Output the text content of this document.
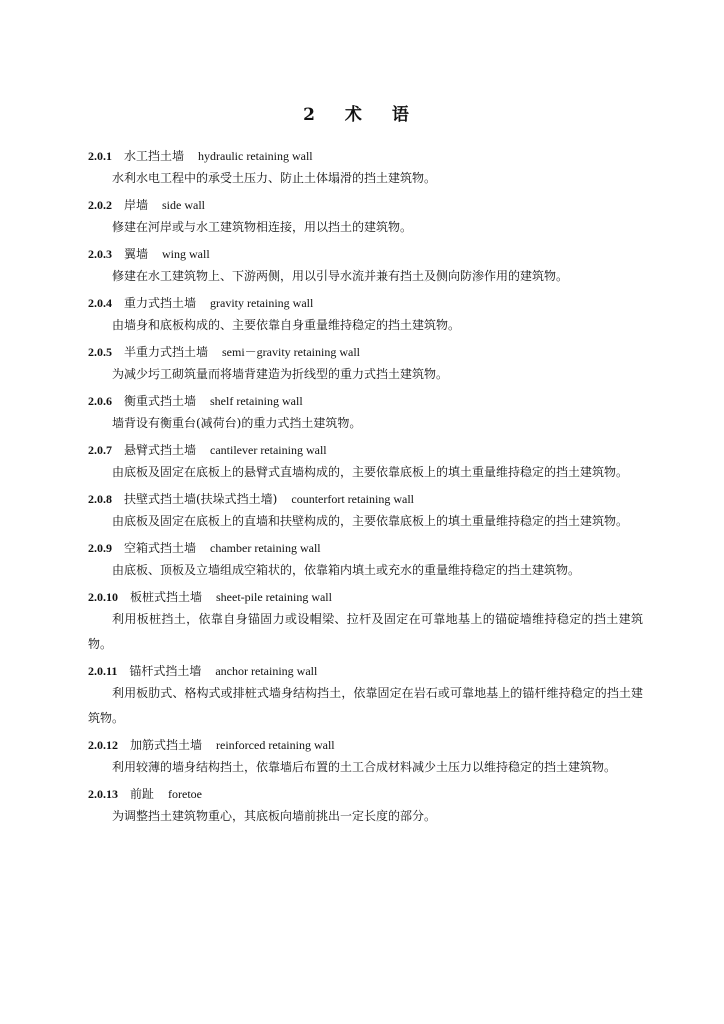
2 术 语

2.0.1 水工挡土墙 hydraulic retaining wall

水利水电工程中的承受土压力、防止土体塌滑的挡土建筑物。

2.0.2 岸墙 side wall

修建在河岸或与水工建筑物相连接，用以挡土的建筑物。

2.0.3 翼墙 wing wall

修建在水工建筑物上、下游两侧，用以引导水流并兼有挡土及侧向防渗作用的建筑物。

2.0.4 重力式挡土墙 gravity retaining wall

由墙身和底板构成的、主要依靠自身重量维持稳定的挡土建筑物。

2.0.5 半重力式挡土墙 semi－gravity retaining wall

为减少圬工砌筑量而将墙背建造为折线型的重力式挡土建筑物。

2.0.6 衡重式挡土墙 shelf retaining wall

墙背设有衡重台(减荷台)的重力式挡土建筑物。

2.0.7 悬臂式挡土墙 cantilever retaining wall

由底板及固定在底板上的悬臂式直墙构成的，主要依靠底板上的填土重量维持稳定的挡土建筑物。

2.0.8 扶壁式挡土墙(扶垛式挡土墙) counterfort retaining wall

由底板及固定在底板上的直墙和扶壁构成的，主要依靠底板上的填土重量维持稳定的挡土建筑物。

2.0.9 空箱式挡土墙 chamber retaining wall

由底板、顶板及立墙组成空箱状的，依靠箱内填土或充水的重量维持稳定的挡土建筑物。

2.0.10 板桩式挡土墙 sheet-pile retaining wall

利用板桩挡土，依靠自身锚固力或设帽梁、拉杆及固定在可靠地基上的锚碇墙维持稳定的挡土建筑物。

2.0.11 锚杆式挡土墙 anchor retaining wall

利用板肋式、格构式或排桩式墙身结构挡土，依靠固定在岩石或可靠地基上的锚杆维持稳定的挡土建筑物。

2.0.12 加筋式挡土墙 reinforced retaining wall

利用较薄的墙身结构挡土，依靠墙后布置的土工合成材料减少土压力以维持稳定的挡土建筑物。

2.0.13 前趾 foretoe

为调整挡土建筑物重心，其底板向墙前挑出一定长度的部分。
